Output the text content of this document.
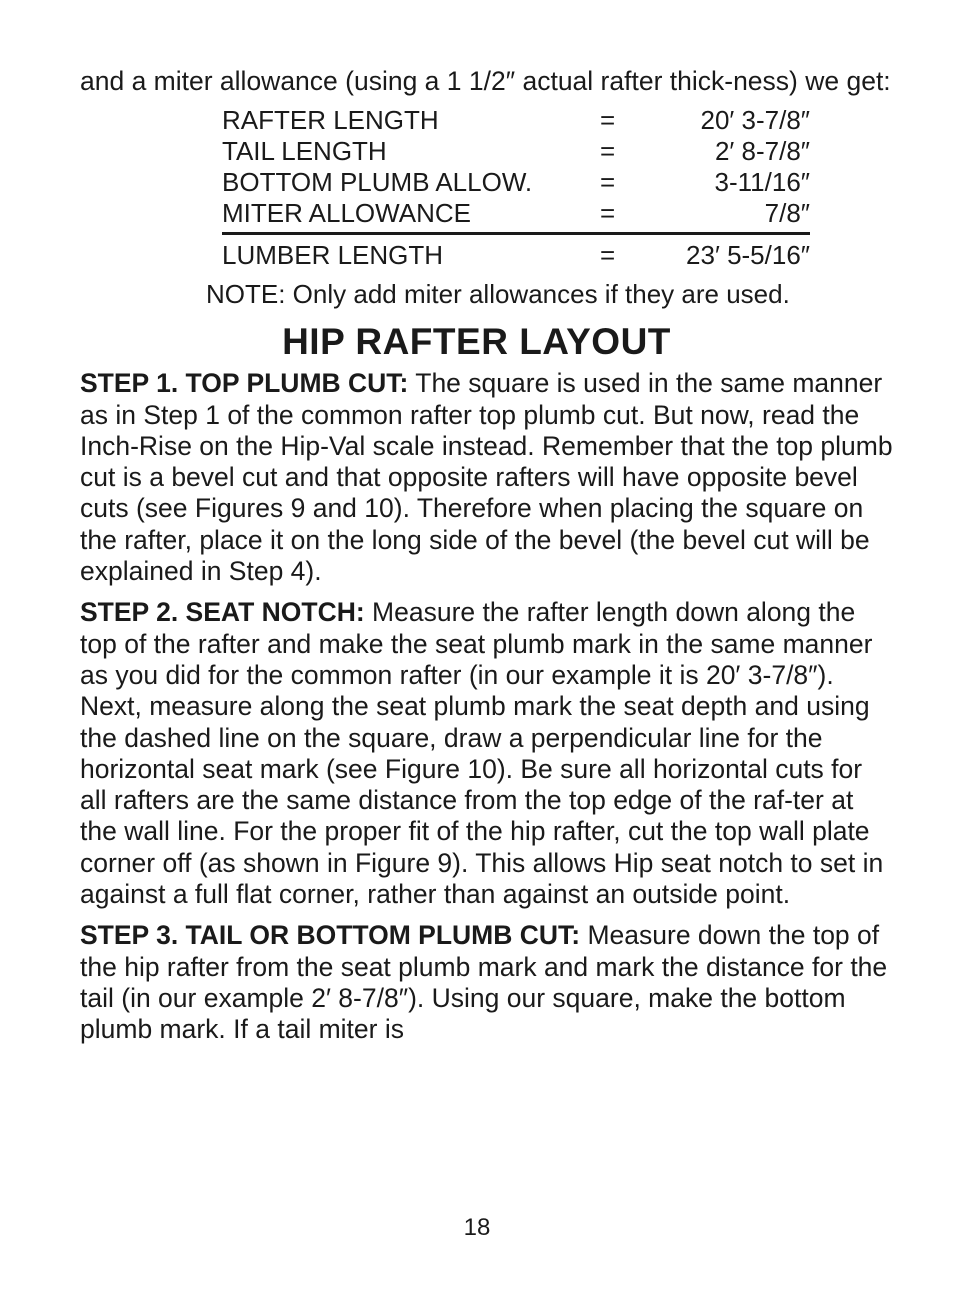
and a miter allowance (using a 1 1/2″ actual rafter thick-ness) we get:

RAFTER LENGTH	=	20′ 3-7/8″
TAIL LENGTH	=	2′ 8-7/8″
BOTTOM PLUMB ALLOW.	=	3-11/16″
MITER ALLOWANCE	=	7/8″

LUMBER LENGTH	=	23′ 5-5/16″

NOTE: Only add miter allowances if they are used.

HIP RAFTER LAYOUT

STEP 1. TOP PLUMB CUT: The square is used in the same manner as in Step 1 of the common rafter top plumb cut. But now, read the Inch-Rise on the Hip-Val scale instead. Remember that the top plumb cut is a bevel cut and that opposite rafters will have opposite bevel cuts (see Figures 9 and 10). Therefore when placing the square on the rafter, place it on the long side of the bevel (the bevel cut will be explained in Step 4).

STEP 2. SEAT NOTCH: Measure the rafter length down along the top of the rafter and make the seat plumb mark in the same manner as you did for the common rafter (in our example it is 20′ 3-7/8″). Next, measure along the seat plumb mark the seat depth and using the dashed line on the square, draw a perpendicular line for the horizontal seat mark (see Figure 10). Be sure all horizontal cuts for all rafters are the same distance from the top edge of the raf-ter at the wall line. For the proper fit of the hip rafter, cut the top wall plate corner off (as shown in Figure 9). This allows Hip seat notch to set in against a full flat corner, rather than against an outside point.

STEP 3. TAIL OR BOTTOM PLUMB CUT: Measure down the top of the hip rafter from the seat plumb mark and mark the distance for the tail (in our example 2′ 8-7/8″). Using our square, make the bottom plumb mark. If a tail miter is

18
